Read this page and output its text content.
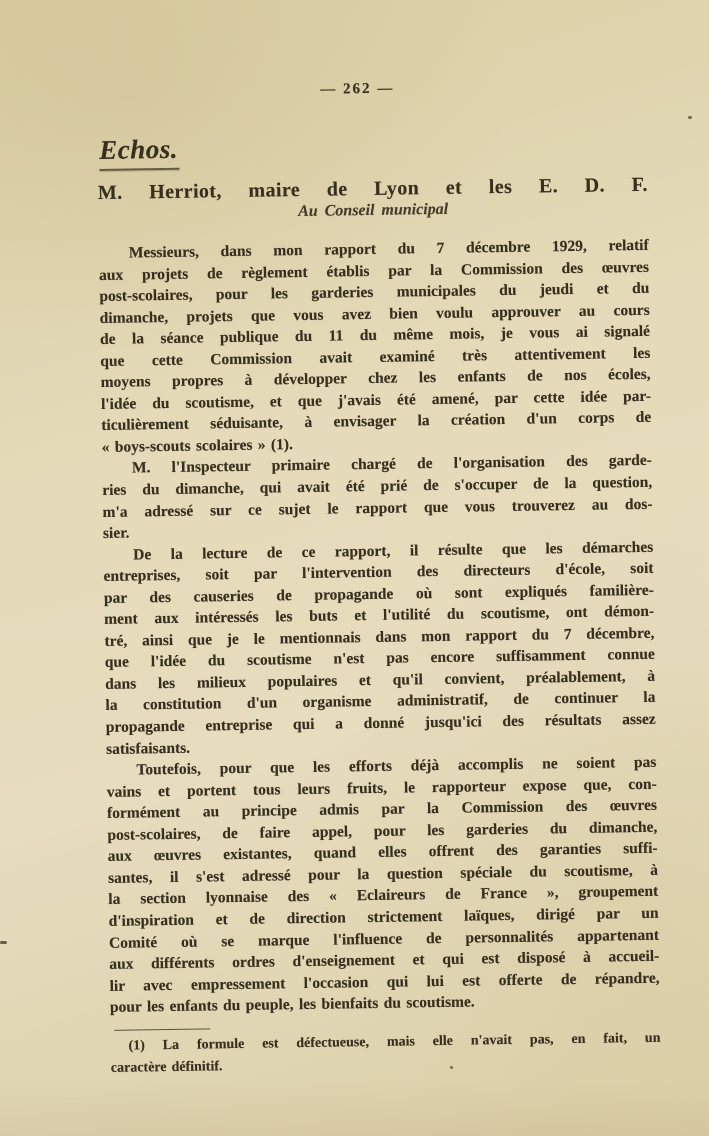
— 262 —
Echos.
M. Herriot, maire de Lyon et les E. D. F.
Au Conseil municipal
Messieurs, dans mon rapport du 7 décembre 1929, relatif
aux projets de règlement établis par la Commission des œuvres
post-scolaires, pour les garderies municipales du jeudi et du
dimanche, projets que vous avez bien voulu approuver au cours
de la séance publique du 11 du même mois, je vous ai signalé
que cette Commission avait examiné très attentivement les
moyens propres à développer chez les enfants de nos écoles,
l'idée du scoutisme, et que j'avais été amené, par cette idée par-
ticulièrement séduisante, à envisager la création d'un corps de
« boys-scouts scolaires » (1).
M. l'Inspecteur primaire chargé de l'organisation des garde-
ries du dimanche, qui avait été prié de s'occuper de la question,
m'a adressé sur ce sujet le rapport que vous trouverez au dos-
sier.
De la lecture de ce rapport, il résulte que les démarches
entreprises, soit par l'intervention des directeurs d'école, soit
par des causeries de propagande où sont expliqués familière-
ment aux intéressés les buts et l'utilité du scoutisme, ont démon-
tré, ainsi que je le mentionnais dans mon rapport du 7 décembre,
que l'idée du scoutisme n'est pas encore suffisamment connue
dans les milieux populaires et qu'il convient, préalablement, à
la constitution d'un organisme administratif, de continuer la
propagande entreprise qui a donné jusqu'ici des résultats assez
satisfaisants.
Toutefois, pour que les efforts déjà accomplis ne soient pas
vains et portent tous leurs fruits, le rapporteur expose que, con-
formément au principe admis par la Commission des œuvres
post-scolaires, de faire appel, pour les garderies du dimanche,
aux œuvres existantes, quand elles offrent des garanties suffi-
santes, il s'est adressé pour la question spéciale du scoutisme, à
la section lyonnaise des « Eclaireurs de France », groupement
d'inspiration et de direction strictement laïques, dirigé par un
Comité où se marque l'influence de personnalités appartenant
aux différents ordres d'enseignement et qui est disposé à accueil-
lir avec empressement l'occasion qui lui est offerte de répandre,
pour les enfants du peuple, les bienfaits du scoutisme.
(1) La formule est défectueuse, mais elle n'avait pas, en fait, un
caractère définitif.
